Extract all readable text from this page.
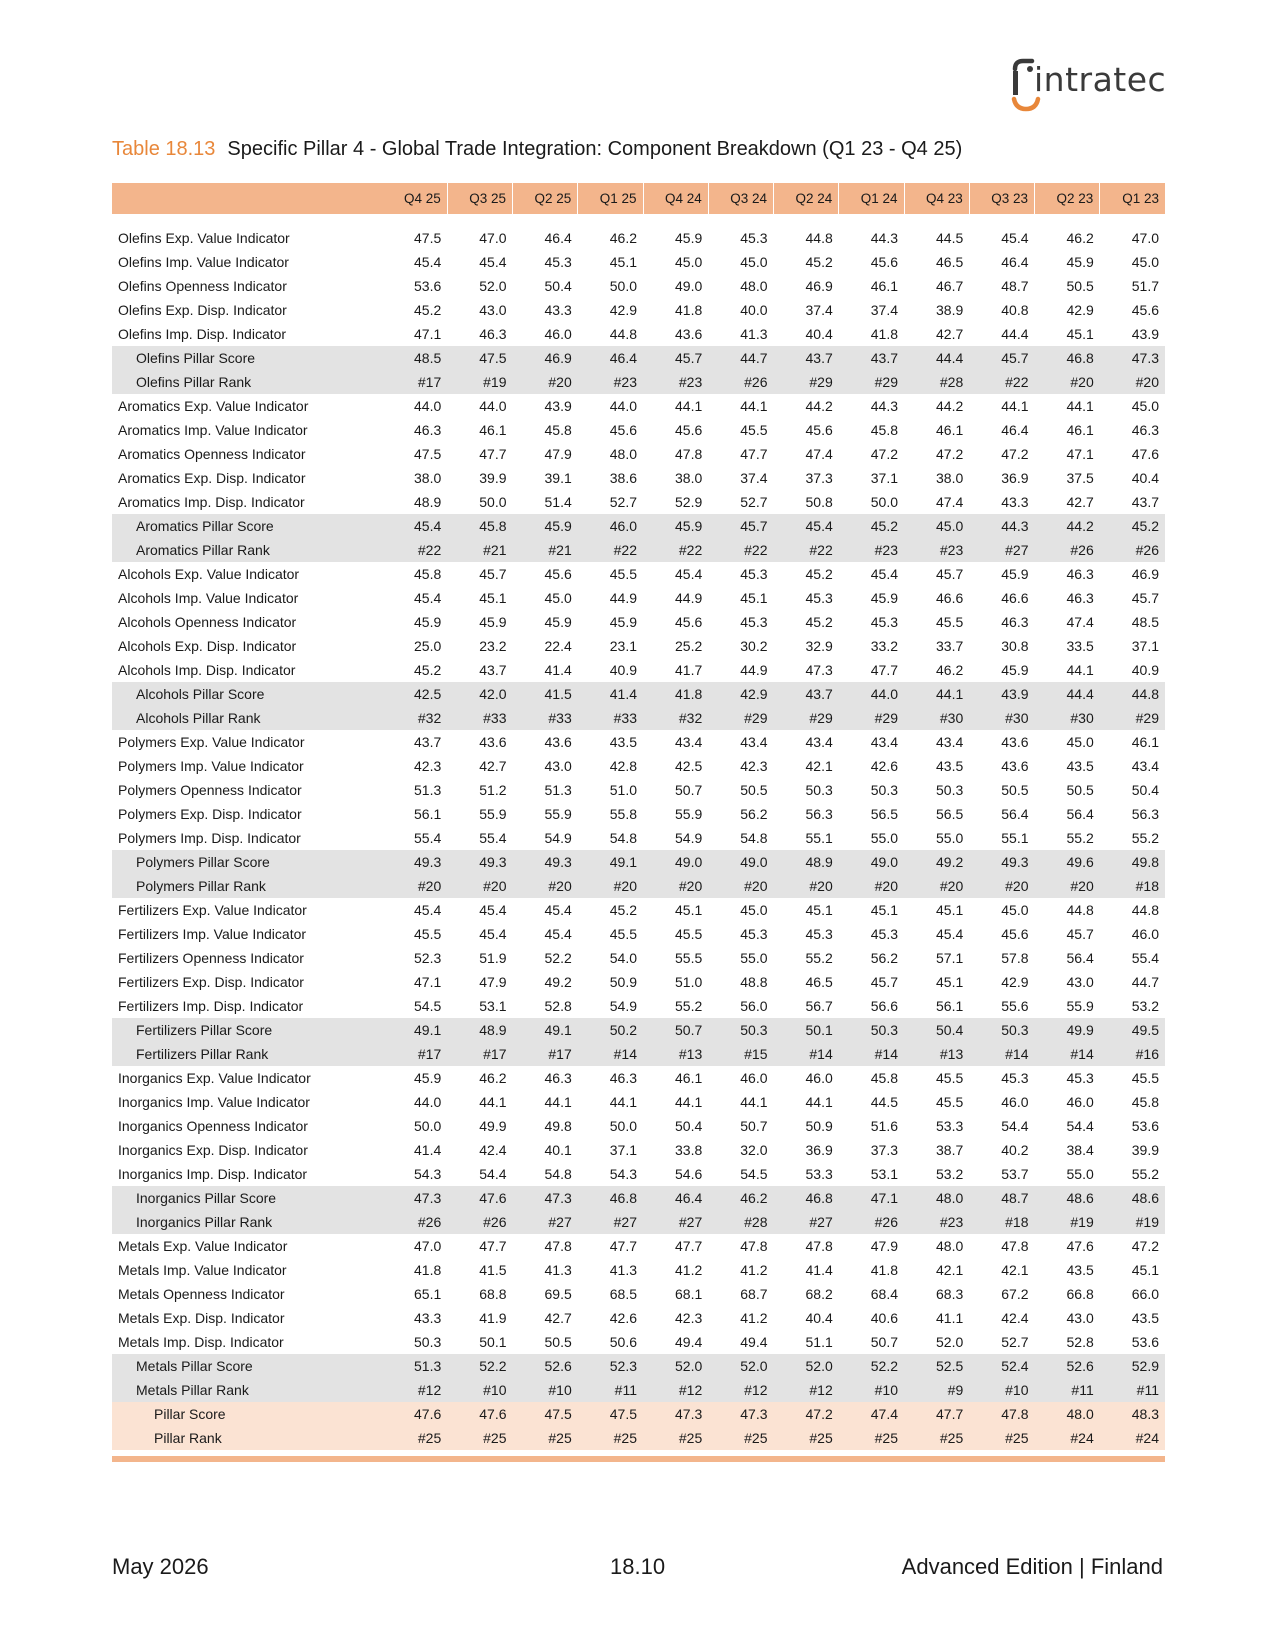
intratec
Table 18.13 Specific Pillar 4 - Global Trade Integration: Component Breakdown (Q1 23 - Q4 25)
	Q4 25	Q3 25	Q2 25	Q1 25	Q4 24	Q3 24	Q2 24	Q1 24	Q4 23	Q3 23	Q2 23	Q1 23

Olefins Exp. Value Indicator	47.5	47.0	46.4	46.2	45.9	45.3	44.8	44.3	44.5	45.4	46.2	47.0
Olefins Imp. Value Indicator	45.4	45.4	45.3	45.1	45.0	45.0	45.2	45.6	46.5	46.4	45.9	45.0
Olefins Openness Indicator	53.6	52.0	50.4	50.0	49.0	48.0	46.9	46.1	46.7	48.7	50.5	51.7
Olefins Exp. Disp. Indicator	45.2	43.0	43.3	42.9	41.8	40.0	37.4	37.4	38.9	40.8	42.9	45.6
Olefins Imp. Disp. Indicator	47.1	46.3	46.0	44.8	43.6	41.3	40.4	41.8	42.7	44.4	45.1	43.9
Olefins Pillar Score	48.5	47.5	46.9	46.4	45.7	44.7	43.7	43.7	44.4	45.7	46.8	47.3
Olefins Pillar Rank	#17	#19	#20	#23	#23	#26	#29	#29	#28	#22	#20	#20
Aromatics Exp. Value Indicator	44.0	44.0	43.9	44.0	44.1	44.1	44.2	44.3	44.2	44.1	44.1	45.0
Aromatics Imp. Value Indicator	46.3	46.1	45.8	45.6	45.6	45.5	45.6	45.8	46.1	46.4	46.1	46.3
Aromatics Openness Indicator	47.5	47.7	47.9	48.0	47.8	47.7	47.4	47.2	47.2	47.2	47.1	47.6
Aromatics Exp. Disp. Indicator	38.0	39.9	39.1	38.6	38.0	37.4	37.3	37.1	38.0	36.9	37.5	40.4
Aromatics Imp. Disp. Indicator	48.9	50.0	51.4	52.7	52.9	52.7	50.8	50.0	47.4	43.3	42.7	43.7
Aromatics Pillar Score	45.4	45.8	45.9	46.0	45.9	45.7	45.4	45.2	45.0	44.3	44.2	45.2
Aromatics Pillar Rank	#22	#21	#21	#22	#22	#22	#22	#23	#23	#27	#26	#26
Alcohols Exp. Value Indicator	45.8	45.7	45.6	45.5	45.4	45.3	45.2	45.4	45.7	45.9	46.3	46.9
Alcohols Imp. Value Indicator	45.4	45.1	45.0	44.9	44.9	45.1	45.3	45.9	46.6	46.6	46.3	45.7
Alcohols Openness Indicator	45.9	45.9	45.9	45.9	45.6	45.3	45.2	45.3	45.5	46.3	47.4	48.5
Alcohols Exp. Disp. Indicator	25.0	23.2	22.4	23.1	25.2	30.2	32.9	33.2	33.7	30.8	33.5	37.1
Alcohols Imp. Disp. Indicator	45.2	43.7	41.4	40.9	41.7	44.9	47.3	47.7	46.2	45.9	44.1	40.9
Alcohols Pillar Score	42.5	42.0	41.5	41.4	41.8	42.9	43.7	44.0	44.1	43.9	44.4	44.8
Alcohols Pillar Rank	#32	#33	#33	#33	#32	#29	#29	#29	#30	#30	#30	#29
Polymers Exp. Value Indicator	43.7	43.6	43.6	43.5	43.4	43.4	43.4	43.4	43.4	43.6	45.0	46.1
Polymers Imp. Value Indicator	42.3	42.7	43.0	42.8	42.5	42.3	42.1	42.6	43.5	43.6	43.5	43.4
Polymers Openness Indicator	51.3	51.2	51.3	51.0	50.7	50.5	50.3	50.3	50.3	50.5	50.5	50.4
Polymers Exp. Disp. Indicator	56.1	55.9	55.9	55.8	55.9	56.2	56.3	56.5	56.5	56.4	56.4	56.3
Polymers Imp. Disp. Indicator	55.4	55.4	54.9	54.8	54.9	54.8	55.1	55.0	55.0	55.1	55.2	55.2
Polymers Pillar Score	49.3	49.3	49.3	49.1	49.0	49.0	48.9	49.0	49.2	49.3	49.6	49.8
Polymers Pillar Rank	#20	#20	#20	#20	#20	#20	#20	#20	#20	#20	#20	#18
Fertilizers Exp. Value Indicator	45.4	45.4	45.4	45.2	45.1	45.0	45.1	45.1	45.1	45.0	44.8	44.8
Fertilizers Imp. Value Indicator	45.5	45.4	45.4	45.5	45.5	45.3	45.3	45.3	45.4	45.6	45.7	46.0
Fertilizers Openness Indicator	52.3	51.9	52.2	54.0	55.5	55.0	55.2	56.2	57.1	57.8	56.4	55.4
Fertilizers Exp. Disp. Indicator	47.1	47.9	49.2	50.9	51.0	48.8	46.5	45.7	45.1	42.9	43.0	44.7
Fertilizers Imp. Disp. Indicator	54.5	53.1	52.8	54.9	55.2	56.0	56.7	56.6	56.1	55.6	55.9	53.2
Fertilizers Pillar Score	49.1	48.9	49.1	50.2	50.7	50.3	50.1	50.3	50.4	50.3	49.9	49.5
Fertilizers Pillar Rank	#17	#17	#17	#14	#13	#15	#14	#14	#13	#14	#14	#16
Inorganics Exp. Value Indicator	45.9	46.2	46.3	46.3	46.1	46.0	46.0	45.8	45.5	45.3	45.3	45.5
Inorganics Imp. Value Indicator	44.0	44.1	44.1	44.1	44.1	44.1	44.1	44.5	45.5	46.0	46.0	45.8
Inorganics Openness Indicator	50.0	49.9	49.8	50.0	50.4	50.7	50.9	51.6	53.3	54.4	54.4	53.6
Inorganics Exp. Disp. Indicator	41.4	42.4	40.1	37.1	33.8	32.0	36.9	37.3	38.7	40.2	38.4	39.9
Inorganics Imp. Disp. Indicator	54.3	54.4	54.8	54.3	54.6	54.5	53.3	53.1	53.2	53.7	55.0	55.2
Inorganics Pillar Score	47.3	47.6	47.3	46.8	46.4	46.2	46.8	47.1	48.0	48.7	48.6	48.6
Inorganics Pillar Rank	#26	#26	#27	#27	#27	#28	#27	#26	#23	#18	#19	#19
Metals Exp. Value Indicator	47.0	47.7	47.8	47.7	47.7	47.8	47.8	47.9	48.0	47.8	47.6	47.2
Metals Imp. Value Indicator	41.8	41.5	41.3	41.3	41.2	41.2	41.4	41.8	42.1	42.1	43.5	45.1
Metals Openness Indicator	65.1	68.8	69.5	68.5	68.1	68.7	68.2	68.4	68.3	67.2	66.8	66.0
Metals Exp. Disp. Indicator	43.3	41.9	42.7	42.6	42.3	41.2	40.4	40.6	41.1	42.4	43.0	43.5
Metals Imp. Disp. Indicator	50.3	50.1	50.5	50.6	49.4	49.4	51.1	50.7	52.0	52.7	52.8	53.6
Metals Pillar Score	51.3	52.2	52.6	52.3	52.0	52.0	52.0	52.2	52.5	52.4	52.6	52.9
Metals Pillar Rank	#12	#10	#10	#11	#12	#12	#12	#10	#9	#10	#11	#11
Pillar Score	47.6	47.6	47.5	47.5	47.3	47.3	47.2	47.4	47.7	47.8	48.0	48.3
Pillar Rank	#25	#25	#25	#25	#25	#25	#25	#25	#25	#25	#24	#24
May 2026	18.10	Advanced Edition | Finland
